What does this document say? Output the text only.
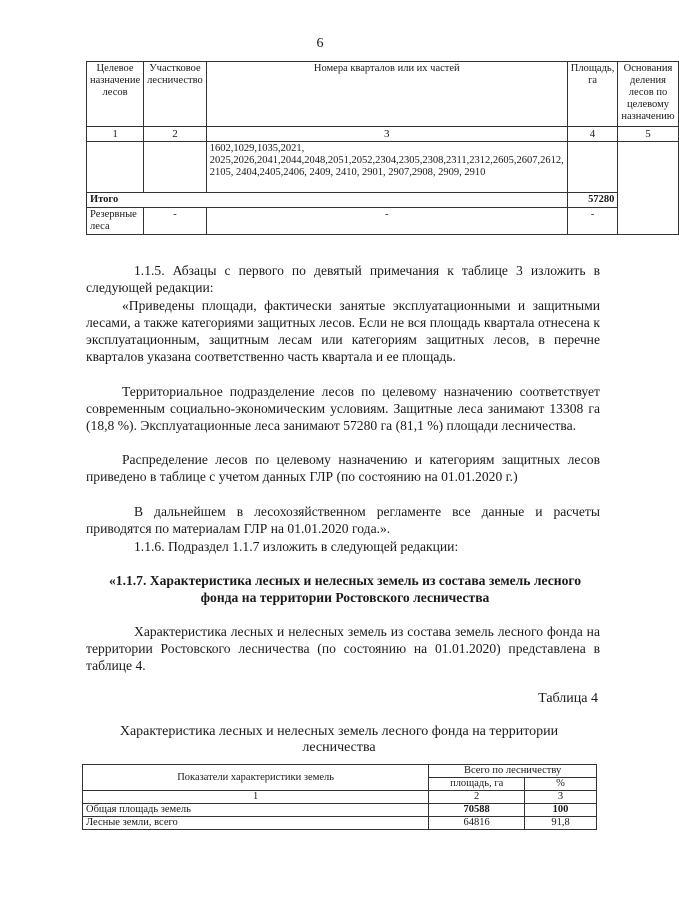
6
Целевое назначение лесов	Участковое лесничество	Номера кварталов или их частей	Площадь, га	Основания деления лесов по целевому назначению
1	2	3	4	5
		1602,1029,1035,2021, 2025,2026,2041,2044,2048,2051,2052,2304,2305,2308,2311,2312,2605,2607,2612, 2105, 2404,2405,2406, 2409, 2410, 2901, 2907,2908, 2909, 2910		
Итого			57280	
Резервные леса	-	-	-	
1.1.5. Абзацы с первого по девятый примечания к таблице 3 изложить в следующей редакции:
«Приведены площади, фактически занятые эксплуатационными и защитными лесами, а также категориями защитных лесов. Если не вся площадь квартала отнесена к эксплуатационным, защитным лесам или категориям защитных лесов, в перечне кварталов указана соответственно часть квартала и ее площадь.
Территориальное подразделение лесов по целевому назначению соответствует современным социально-экономическим условиям. Защитные леса занимают 13308 га (18,8 %). Эксплуатационные леса занимают 57280 га (81,1 %) площади лесничества.
Распределение лесов по целевому назначению и категориям защитных лесов приведено в таблице с учетом данных ГЛР (по состоянию на 01.01.2020 г.)
В дальнейшем в лесохозяйственном регламенте все данные и расчеты приводятся по материалам ГЛР на 01.01.2020 года.».
1.1.6. Подраздел 1.1.7 изложить в следующей редакции:
«1.1.7. Характеристика лесных и нелесных земель из состава земель лесного фонда на территории Ростовского лесничества
Характеристика лесных и нелесных земель из состава земель лесного фонда на территории Ростовского лесничества (по состоянию на 01.01.2020) представлена в таблице 4.
Таблица 4
Характеристика лесных и нелесных земель лесного фонда на территории лесничества
Показатели характеристики земель	Всего по лесничеству	
	площадь, га	%
1	2	3
Общая площадь земель	70588	100
Лесные земли, всего	64816	91,8
